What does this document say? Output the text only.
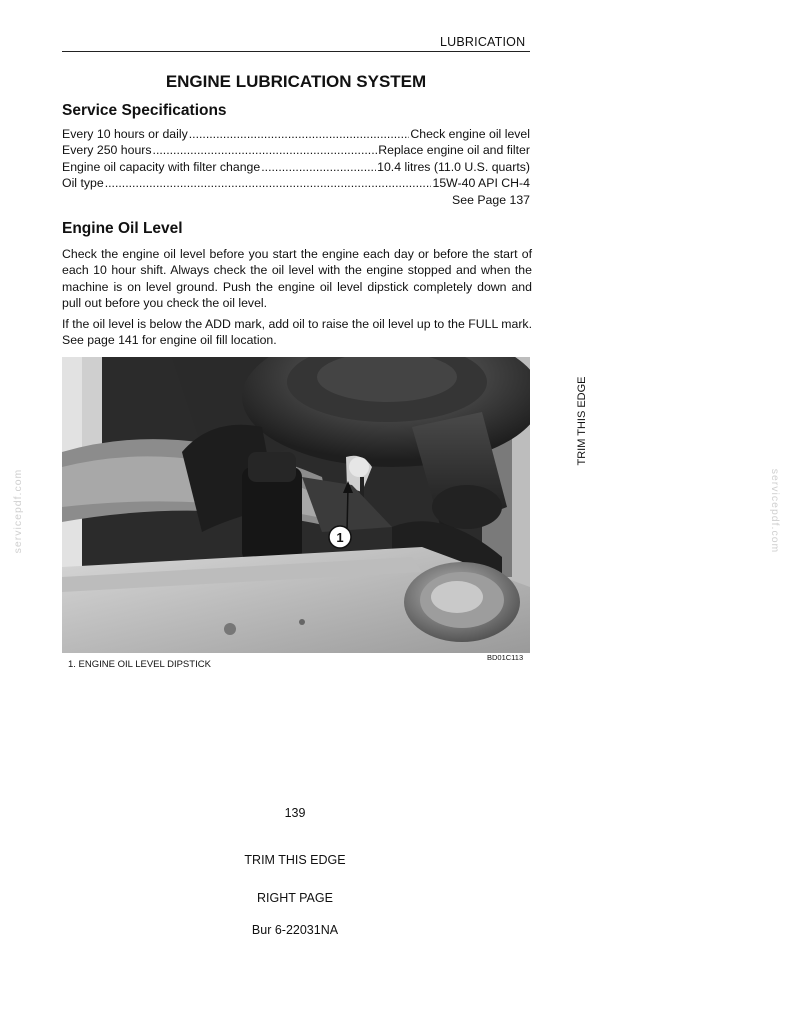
LUBRICATION
ENGINE LUBRICATION SYSTEM
Service Specifications
Every 10 hours or daily .....	Check engine oil level
Every 250 hours .....	Replace engine oil and filter
Engine oil capacity with filter change .....	10.4 litres (11.0 U.S. quarts)
Oil type .....	15W-40 API CH-4
See Page 137
Engine Oil Level
Check the engine oil level before you start the engine each day or before the start of each 10 hour shift. Always check the oil level with the engine stopped and when the machine is on level ground. Push the engine oil level dipstick completely down and pull out before you check the oil level.
If the oil level is below the ADD mark, add oil to raise the oil level up to the FULL mark. See page 141 for engine oil fill location.
1
BD01C113
1. ENGINE OIL LEVEL DIPSTICK
TRIM THIS EDGE
servicepdf.com	servicepdf.com
139
TRIM THIS EDGE
RIGHT PAGE
Bur 6-22031NA
